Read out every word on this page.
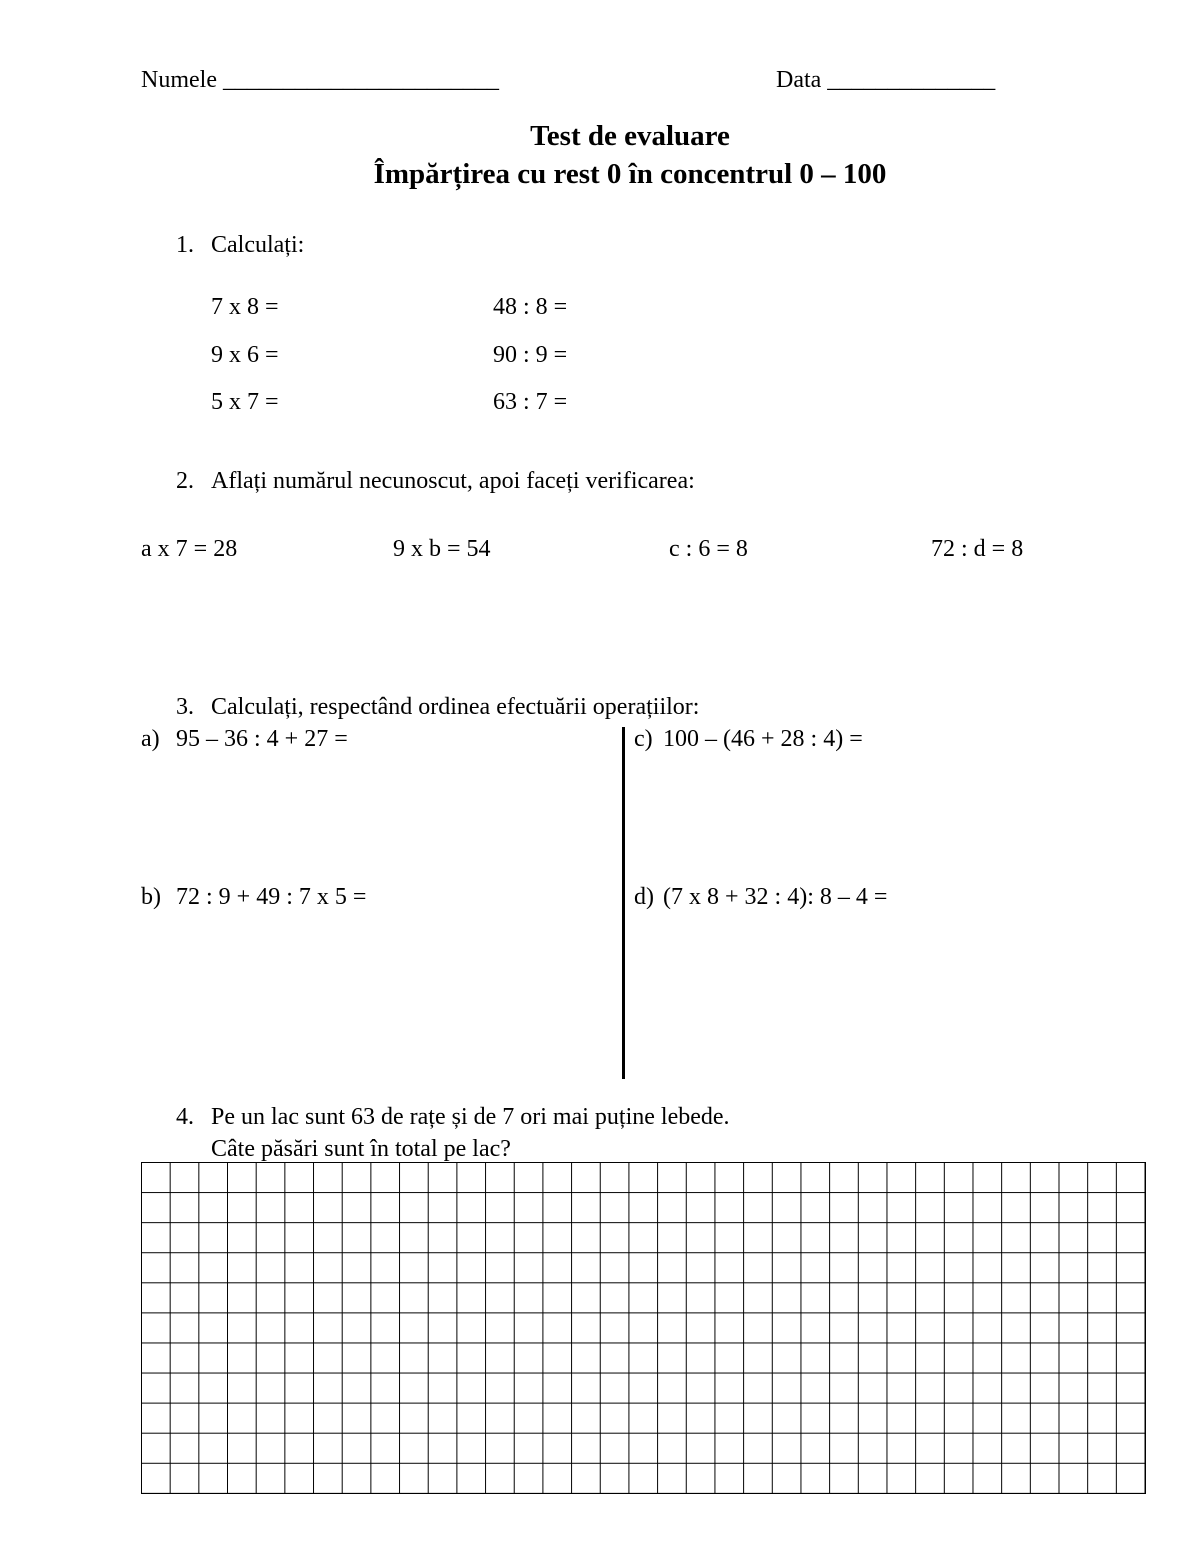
Numele _______________________	Data ______________
Test de evaluare
Împărțirea cu rest 0 în concentrul 0 – 100
1. Calculați:
7 x 8 =	48 : 8 =
9 x 6 =	90 : 9 =
5 x 7 =	63 : 7 =
2. Aflați numărul necunoscut, apoi faceți verificarea:
a x 7 = 28	9 x b = 54	c : 6 = 8	72 : d = 8
3. Calculați, respectând ordinea efectuării operațiilor:
a) 95 – 36 : 4 + 27 =
b) 72 : 9 + 49 : 7 x 5 =
c) 100 – (46 + 28 : 4) =
d) (7 x 8 + 32 : 4): 8 – 4 =
4. Pe un lac sunt 63 de rațe și de 7 ori mai puține lebede.
Câte păsări sunt în total pe lac?
